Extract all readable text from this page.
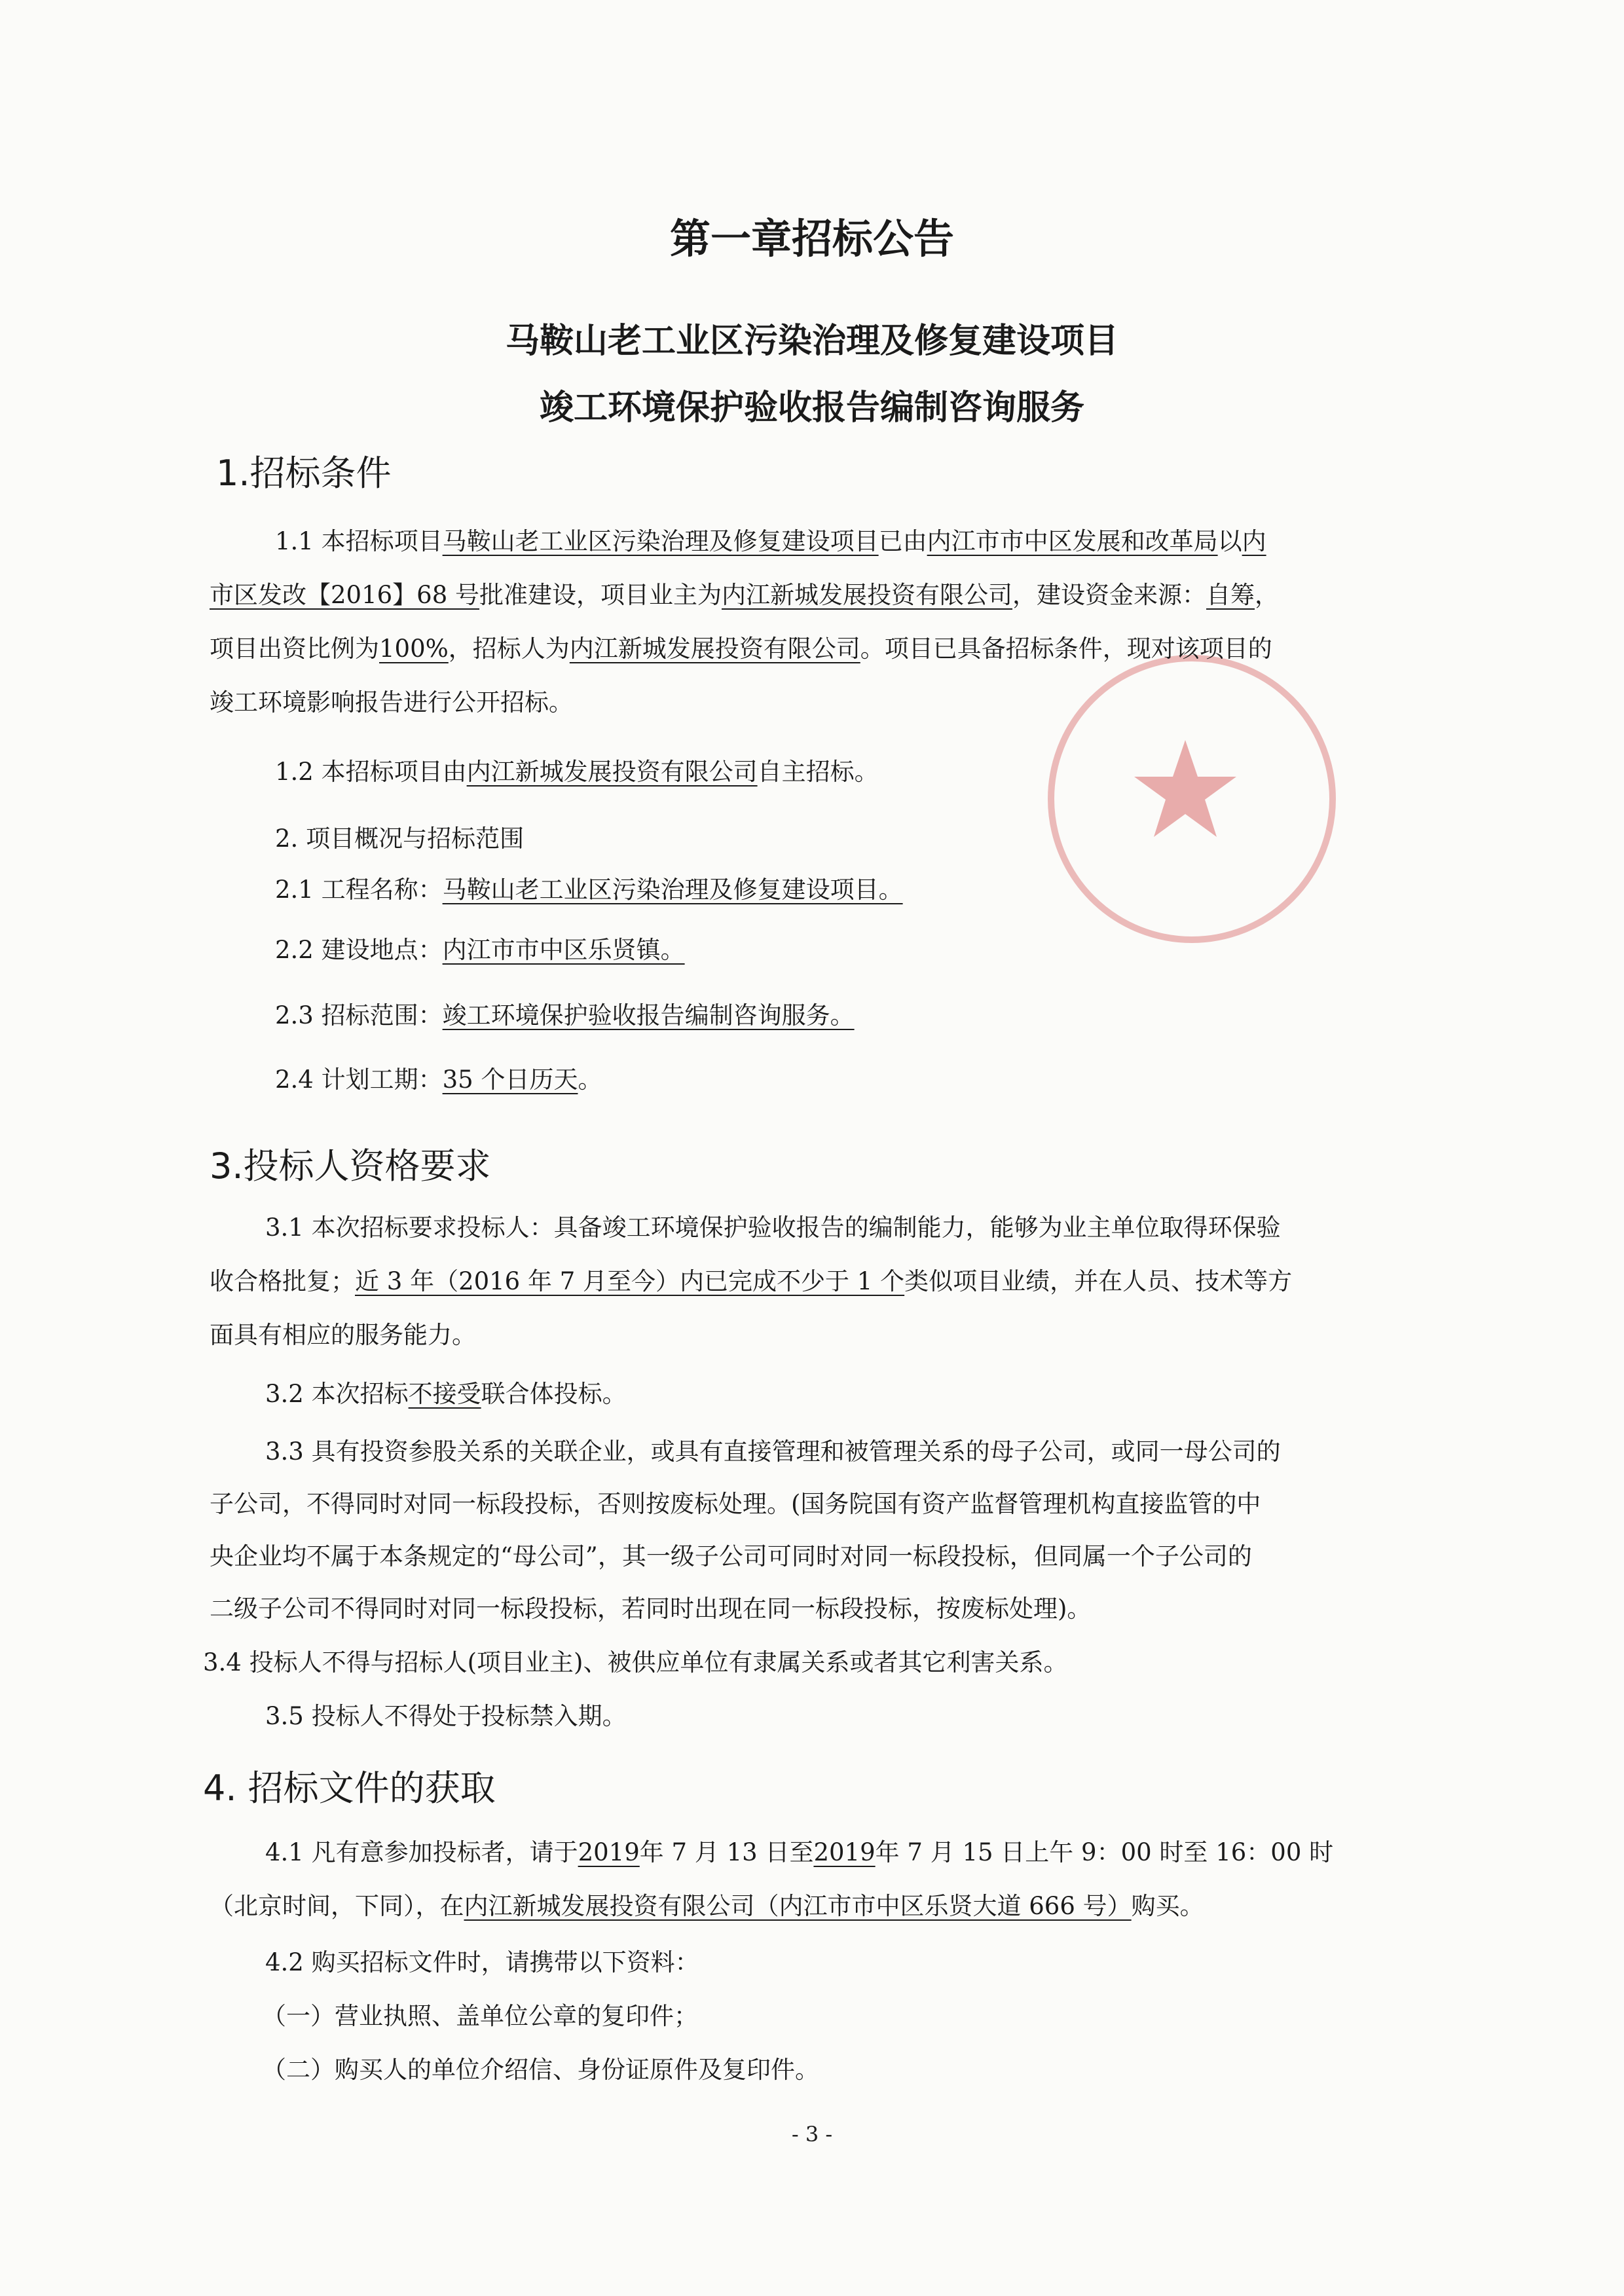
第一章招标公告
马鞍山老工业区污染治理及修复建设项目
竣工环境保护验收报告编制咨询服务
1.招标条件
1.1 本招标项目马鞍山老工业区污染治理及修复建设项目已由内江市市中区发展和改革局以内
市区发改【2016】68 号批准建设，项目业主为内江新城发展投资有限公司，建设资金来源：自筹，
项目出资比例为100%，招标人为内江新城发展投资有限公司。项目已具备招标条件，现对该项目的
竣工环境影响报告进行公开招标。
1.2 本招标项目由内江新城发展投资有限公司自主招标。
2. 项目概况与招标范围
2.1 工程名称：马鞍山老工业区污染治理及修复建设项目。
2.2 建设地点：内江市市中区乐贤镇。
2.3 招标范围：竣工环境保护验收报告编制咨询服务。
2.4 计划工期：35 个日历天。
3.投标人资格要求
3.1 本次招标要求投标人：具备竣工环境保护验收报告的编制能力，能够为业主单位取得环保验
收合格批复；近 3 年（2016 年 7 月至今）内已完成不少于 1 个类似项目业绩，并在人员、技术等方
面具有相应的服务能力。
3.2 本次招标不接受联合体投标。
3.3 具有投资参股关系的关联企业，或具有直接管理和被管理关系的母子公司，或同一母公司的
子公司，不得同时对同一标段投标，否则按废标处理。(国务院国有资产监督管理机构直接监管的中
央企业均不属于本条规定的“母公司”，其一级子公司可同时对同一标段投标，但同属一个子公司的
二级子公司不得同时对同一标段投标，若同时出现在同一标段投标，按废标处理)。
3.4 投标人不得与招标人(项目业主)、被供应单位有隶属关系或者其它利害关系。
3.5 投标人不得处于投标禁入期。
4. 招标文件的获取
4.1 凡有意参加投标者，请于2019年 7 月 13 日至2019年 7 月 15 日上午 9：00 时至 16：00 时
（北京时间，下同），在内江新城发展投资有限公司（内江市市中区乐贤大道 666 号）购买。
4.2 购买招标文件时，请携带以下资料：
（一）营业执照、盖单位公章的复印件；
（二）购买人的单位介绍信、身份证原件及复印件。
- 3 -
